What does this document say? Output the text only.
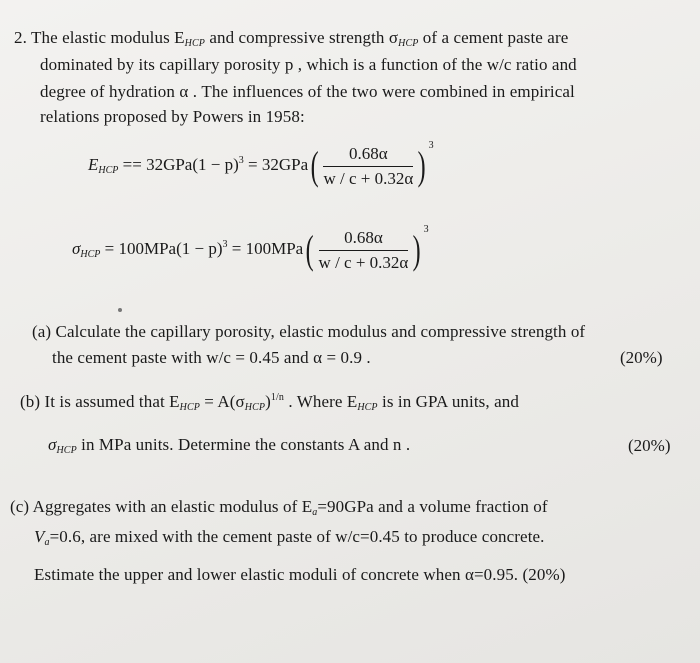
2. The elastic modulus $E_{HCP}$ and compressive strength $\sigma_{HCP}$ of a cement paste are
dominated by its capillary porosity p , which is a function of the w/c ratio and
degree of hydration α . The influences of the two were combined in empirical
relations proposed by Powers in 1958:
$E_{HCP} == 32GPa(1 - p)^3 = 32GPa( \frac{0.68\alpha}{w / c + 0.32\alpha}$ ) $^3$
$\sigma_{HCP} = 100MPa(1 - p)^3 = 100MPa( \frac{0.68\alpha}{w / c + 0.32\alpha}$ ) $^3$
(a) Calculate the capillary porosity, elastic modulus and compressive strength of
the cement paste with w/c = 0.45 and α = 0.9 .	(20%)
(b) It is assumed that $E_{HCP} = A(\sigma_{HCP})^{1/n}$ . Where $E_{HCP}$ is in GPA units, and
$\sigma_{HCP}$ in MPa units. Determine the constants A and n .	(20%)
(c) Aggregates with an elastic modulus of $E_a=90GPa$ and a volume fraction of
$V_a=0.6$, are mixed with the cement paste of w/c=0.45 to produce concrete.
Estimate the upper and lower elastic moduli of concrete when α=0.95. (20%)
